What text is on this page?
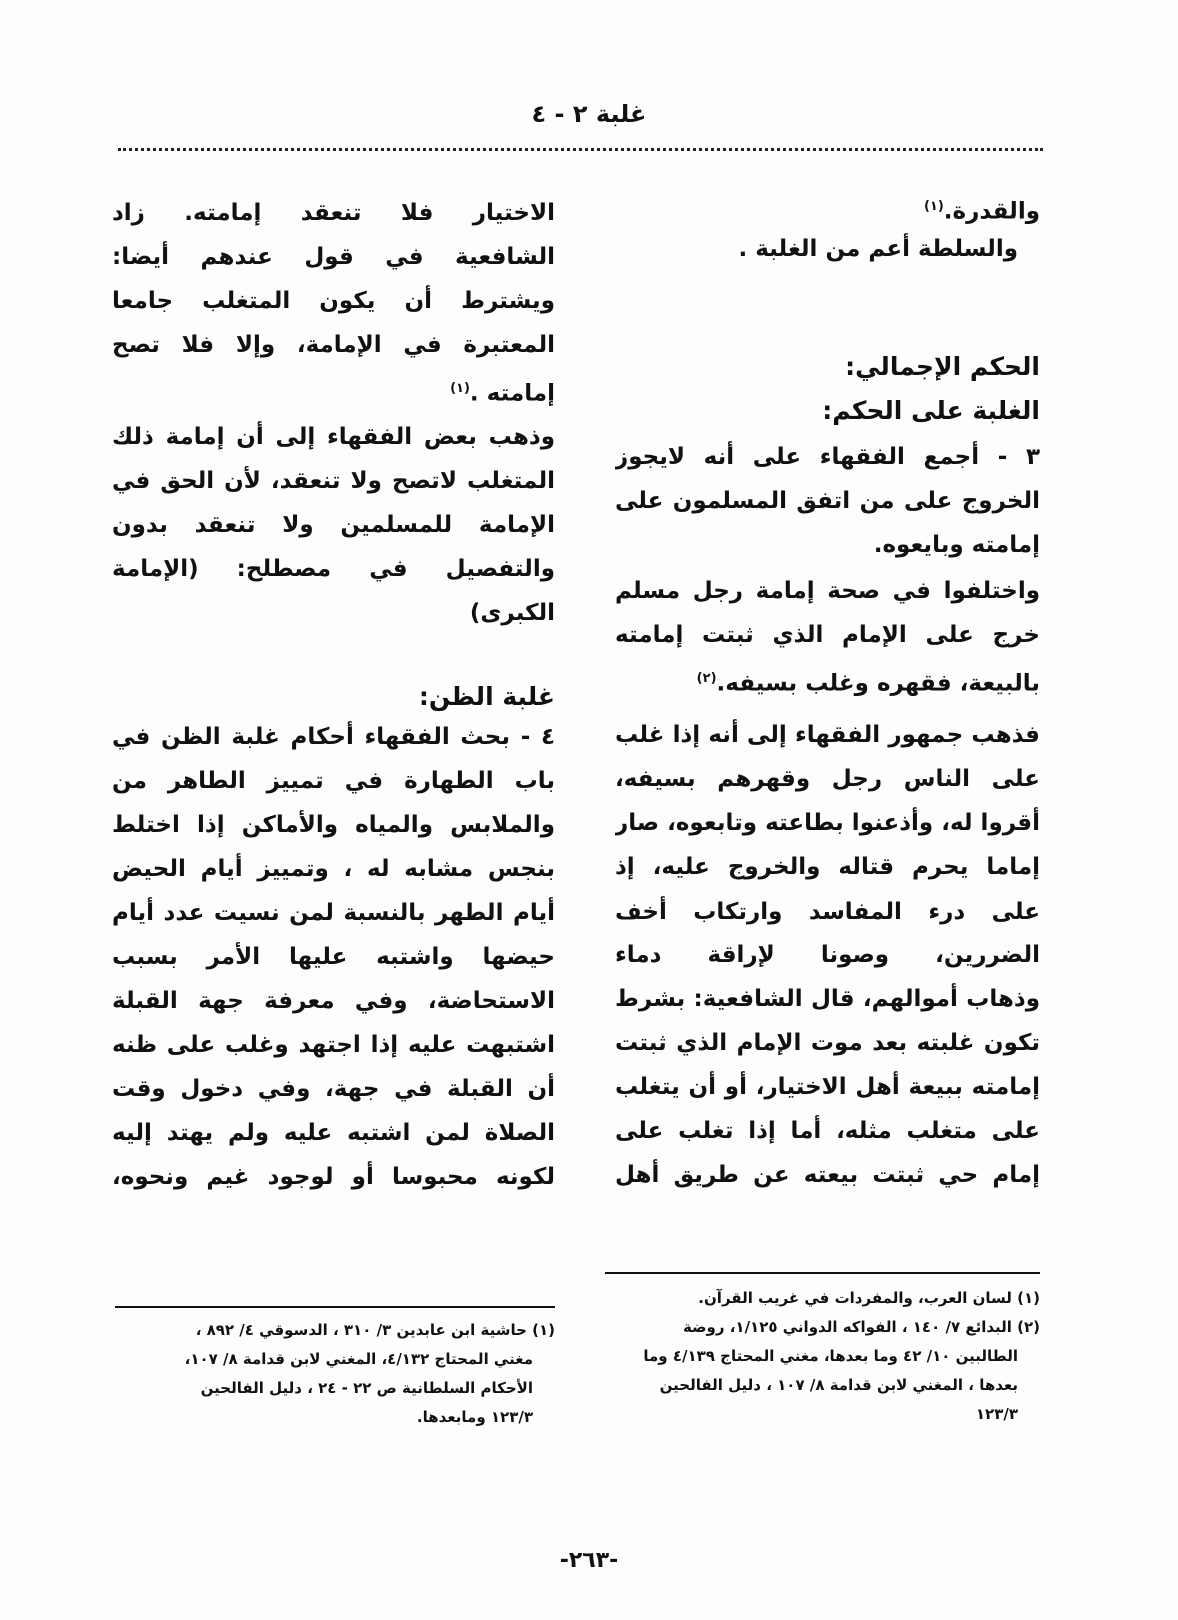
غلبة ٢ - ٤
والقدرة.$^{(١)}$
والسلطة أعم من الغلبة .
الحكم الإجمالي:
الغلبة على الحكم:
٣ - أجمع الفقهاء على أنه لايجوز
الخروج على من اتفق المسلمون على
إمامته وبايعوه.
واختلفوا في صحة إمامة رجل مسلم
خرج على الإمام الذي ثبتت إمامته
بالبيعة، فقهره وغلب بسيفه.$^{(٢)}$
فذهب جمهور الفقهاء إلى أنه إذا غلب
على الناس رجل وقهرهم بسيفه،
أقروا له، وأذعنوا بطاعته وتابعوه، صار
إماما يحرم قتاله والخروج عليه، إذ
على درء المفاسد وارتكاب أخف
الضررين، وصونا لإراقة دماء
وذهاب أموالهم، قال الشافعية: بشرط
تكون غلبته بعد موت الإمام الذي ثبتت
إمامته ببيعة أهل الاختيار، أو أن يتغلب
على متغلب مثله، أما إذا تغلب على
إمام حي ثبتت بيعته عن طريق أهل
الاختيار فلا تنعقد إمامته. زاد
الشافعية في قول عندهم أيضا:
ويشترط أن يكون المتغلب جامعا
المعتبرة في الإمامة، وإلا فلا تصح
إمامته .$^{(١)}$
وذهب بعض الفقهاء إلى أن إمامة ذلك
المتغلب لاتصح ولا تنعقد، لأن الحق في
الإمامة للمسلمين ولا تنعقد بدون
والتفصيل في مصطلح: (الإمامة
الكبرى)
غلبة الظن:
٤ - بحث الفقهاء أحكام غلبة الظن في
باب الطهارة في تمييز الطاهر من
والملابس والمياه والأماكن إذا اختلط
بنجس مشابه له ، وتمييز أيام الحيض
أيام الطهر بالنسبة لمن نسيت عدد أيام
حيضها واشتبه عليها الأمر بسبب
الاستحاضة، وفي معرفة جهة القبلة
اشتبهت عليه إذا اجتهد وغلب على ظنه
أن القبلة في جهة، وفي دخول وقت
الصلاة لمن اشتبه عليه ولم يهتد إليه
لكونه محبوسا أو لوجود غيم ونحوه،
(١) لسان العرب، والمفردات في غريب القرآن.
(٢) البدائع ٧/ ١٤٠ ، الفواكه الدواني ١/١٢٥، روضة
الطالبين ١٠/ ٤٢ وما بعدها، مغني المحتاج ٤/١٣٩ وما
بعدها ، المغني لابن قدامة ٨/ ١٠٧ ، دليل الفالحين
١٢٣/٣
(١) حاشية ابن عابدين ٣/ ٣١٠ ، الدسوقي ٤/ ٨٩٢ ،
مغني المحتاج ٤/١٣٢، المغني لابن قدامة ٨/ ١٠٧،
الأحكام السلطانية ص ٢٢ - ٢٤ ، دليل الفالحين
١٢٣/٣ ومابعدها.
-٢٦٣-
